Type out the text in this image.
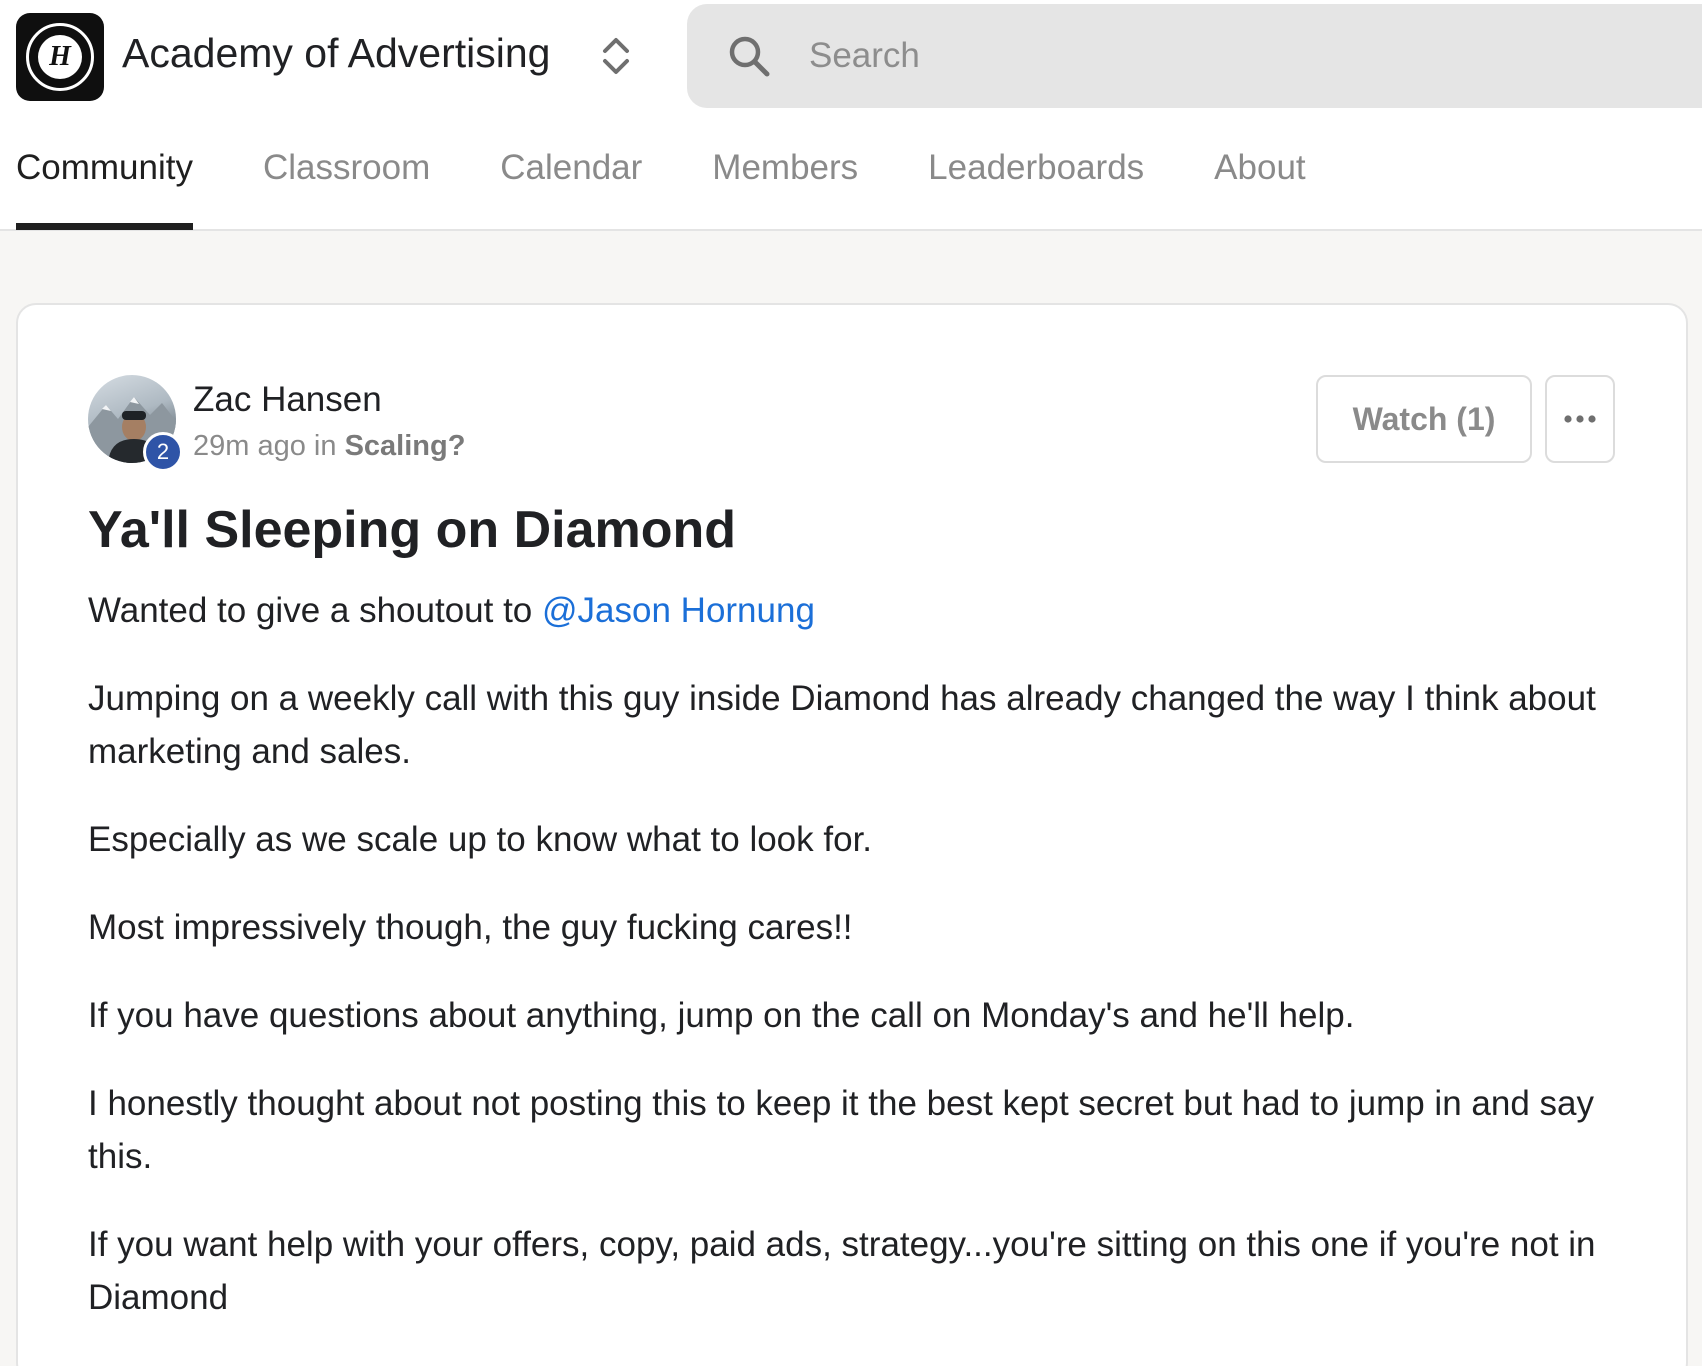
H Academy of Advertising
Search
Community Classroom Calendar Members Leaderboards About
2
Zac Hansen
29m ago in Scaling?
Watch (1)
Ya'll Sleeping on Diamond

Wanted to give a shoutout to @Jason Hornung

Jumping on a weekly call with this guy inside Diamond has already changed the way I think about marketing and sales.

Especially as we scale up to know what to look for.

Most impressively though, the guy fucking cares!!

If you have questions about anything, jump on the call on Monday's and he'll help.

I honestly thought about not posting this to keep it the best kept secret but had to jump in and say this.

If you want help with your offers, copy, paid ads, strategy...you're sitting on this one if you're not in Diamond
